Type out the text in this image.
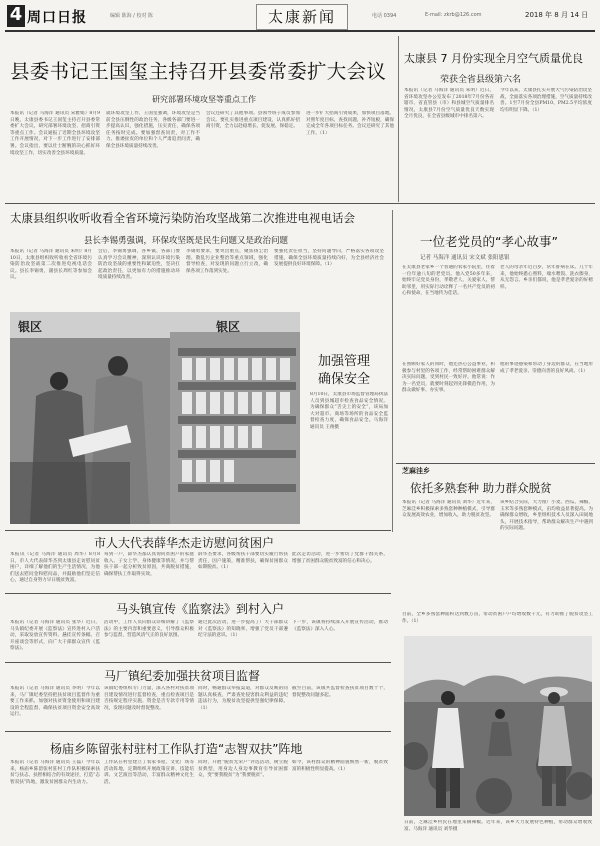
4 周口日报	编辑 陈海 / 校对 陈	太康新闻	电话 0394	E-mail: zkrb@126.com	2018 年 8 月 14 日
县委书记王国玺主持召开县委常委扩大会议
研究部署环境攻坚等重点工作
本报讯（记者 马海洋 通讯员 宋雅娟）8月9日晚，太康县委书记王国玺主持召开县委常委扩大会议，研究部署环境攻坚、招商引资等重点工作。会议通报了近期全县环境攻坚工作开展情况，对下一步工作进行了安排部署。会议指出，要以壮士断腕的决心抓好环境攻坚工作，切实改善全县环境质量。
就环境攻坚工作，王国玺强调，环境攻坚是当前全县压倒性的政治任务，各级各部门要进一步提高认识，强化措施，压实责任，确保各项任务按时完成。要加强督查问责，对工作不力、推诿扯皮的单位和个人严肃追责问责，确保全县环境质量持续改善。
会议还研究了其他事项。县领导班子成员参加会议。要扎实推进重点项目建设，认真抓好招商引资，全力以赴稳增长、促发展、保稳定。
进一步扩大招商引资成果，加快项目落地。对照年度目标，查找问题，补齐短板，确保完成全年各项目标任务。会议还研究了其他工作。（1）
太康县 7 月份实现全月空气质量优良
荣获全省县级第六名
本报讯（记者 马海洋 通讯员 朱明）近日，省环境攻坚办公室发布了2018年7月份各省辖市、省直管县（市）和县城空气质量排名情况，太康县7月份空气质量优良天数实现全月优良，在全省县级城市中排名第六。
今年以来，太康县扎实开展大气污染防治攻坚战，全面落实各项治理措施，空气质量持续改善。1至7月份全县PM10、PM2.5平均浓度均有明显下降。（1）
太康县组织收听收看全省环境污染防治攻坚战第二次推进电视电话会
县长李锡勇强调，环保攻坚既是民生问题又是政治问题
本报讯（记者 马海洋 通讯员 朱明）8月10日，太康县组织收听收看全省环境污染防治攻坚战第二次推进电视电话会议。县长李锡勇，副县长周红等参加会议。
会后，李锡勇强调，各乡镇、各部门要认真学习会议精神，深刻认识环境污染防治攻坚战的重要性和紧迫性，坚决扛起政治责任，以更加有力的措施推动环境质量持续改善。
李锡勇要求，要突出重点，聚焦扬尘治理、散乱污企业整治等重点领域，强化督导检查，对发现的问题立行立改，确保各项工作落到实处。
要强化责任担当，坚持问题导向，严格落实各项攻坚措施，确保全县环境质量持续向好，为全县经济社会发展提供良好环境保障。（1）
银区	银区
加强管理
确保安全
8月10日，太康县市场监督管理局执法人员到县城超市检查食品安全情况。为确保群众“舌尖上的安全”，该局加大对超市、商场等场所的食品安全监督检查力度，确保食品安全。马海洋 通讯员 王俊摄
一位老党员的“孝心故事”
记者 马海洋 通讯员 宋文斌 张阳恩银
在太康县老家乡一个普通的农家小院里，住着一位年逾八旬的老党员。他入党50多年来，始终牢记党员身份，孝敬老人、关爱家人、帮助邻里，用实际行动诠释了一名共产党员的初心和使命，在当地传为佳话。
老人的母亲年近百岁，常年卧病在床。几十年来，他始终悉心照料，端水喂饭、洗衣擦身，从无怨言。乡亲们都说，他是孝老爱亲的好榜样。
在照顾好家人的同时，他还热心公益事业，积极参与村里的各项工作，经常帮助困难群众解决实际问题，受到村民一致好评。他常说：作为一名党员，就要时刻起到先锋模范作用，为群众做好事、办实事。
他的事迹感染和带动了身边的群众，在当地形成了孝老爱亲、崇德向善的良好风尚。（1）
芝麻洼乡
依托多熟套种 助力群众脱贫
本报讯（记者 马海洋 通讯员 刘华）近年来，芝麻洼乡积极探索多熟套种种植模式，引导群众发展高效农业，增加收入，助力脱贫攻坚。
该乡结合实际，大力推广小麦、西瓜、辣椒、玉米等多熟套种模式，亩均收益显著提高。为确保群众增收，乡里组织技术人员深入田间地头，开展技术指导，帮助群众解决生产中遇到的实际问题。
目前，全乡多熟套种面积达到数万亩，带动贫困户户均增收数千元，有力助推了脱贫攻坚工作。（1）
日前，芝麻洼乡村民在地里采摘辣椒。近年来，该乡大力发展特色种植，带动群众增收致富。马海洋 通讯员 刘华摄
市人大代表薛华杰走访慰问贫困户
本报讯（记者 马海洋 通讯员 周华）8月8日，市人大代表薛华杰到太康县走访慰问贫困户，详细了解他们的生产生活情况，为他们送去慰问金和慰问品，并鼓励他们坚定信心，通过自身努力早日脱贫致富。
每到一户，薛华杰都认真询问贫困户的家庭收入、子女上学、身体健康等情况，并与帮扶干部一起分析致贫原因，共商脱贫措施，确保帮扶工作取得实效。
薛华杰要求，各级帮扶干部要切实履行帮扶责任，因户施策，精准帮扶，确保贫困群众如期脱贫。（1）
此次走访活动，进一步密切了党群干群关系，增强了贫困群众脱贫致富的信心和决心。
马头镇宣传《监察法》到村入户
本报讯（记者 马海洋 通讯员 张华）近日，马头镇纪委开展《监察法》宣传进村入户活动，采取发放宣传资料、悬挂宣传条幅、召开座谈会等形式，向广大干部群众宣传《监察法》。
活动中，工作人员向群众详细讲解了《监察法》的主要内容和重要意义，引导群众积极参与监督，营造风清气正的良好氛围。
通过此次活动，进一步提高了广大干部群众对《监察法》的知晓率，增强了党员干部遵纪守法的意识。（1）
下一步，该镇将持续深入开展宣传活动，推动《监察法》深入人心。
马厂镇纪委加强扶贫项目监督
本报讯（记者 马海洋 通讯员 李明）今年以来，马厂镇纪委坚持把扶贫项目监督作为重要工作来抓，加强对扶贫资金使用和项目建设的全程监督，确保扶贫项目资金安全高效运行。
该镇纪委组织专门力量，深入各村对扶贫项目建设情况进行监督检查，重点检查项目是否按规定程序实施、资金是否专款专用等情况，发现问题及时督促整改。
同时，畅通群众举报渠道，对群众反映的问题认真核查，严肃查处侵害群众利益的违纪违法行为，为脱贫攻坚提供坚强纪律保障。（1）
截至目前，该镇共监督检查扶贫项目数十个，督促整改问题多起。
杨庙乡陈留张村驻村工作队打造“志智双扶”阵地
本报讯（记者 马海洋 通讯员 王磊）今年以来，杨庙乡陈留张村驻村工作队积极探索扶贫与扶志、扶智相结合的有效途径，打造“志智双扶”阵地，激发贫困群众内生动力。
工作队在村里建立了农家书屋、文化广场等活动阵地，定期组织开展政策宣讲、技能培训、文艺演出等活动，丰富群众精神文化生活。
同时，开展“脱贫光荣户”评选活动，树立脱贫典型，用身边人身边事教育引导贫困群众，变“要我脱贫”为“我要脱贫”。
如今，该村群众的精神面貌焕然一新，脱贫致富的积极性明显提高。（1）
